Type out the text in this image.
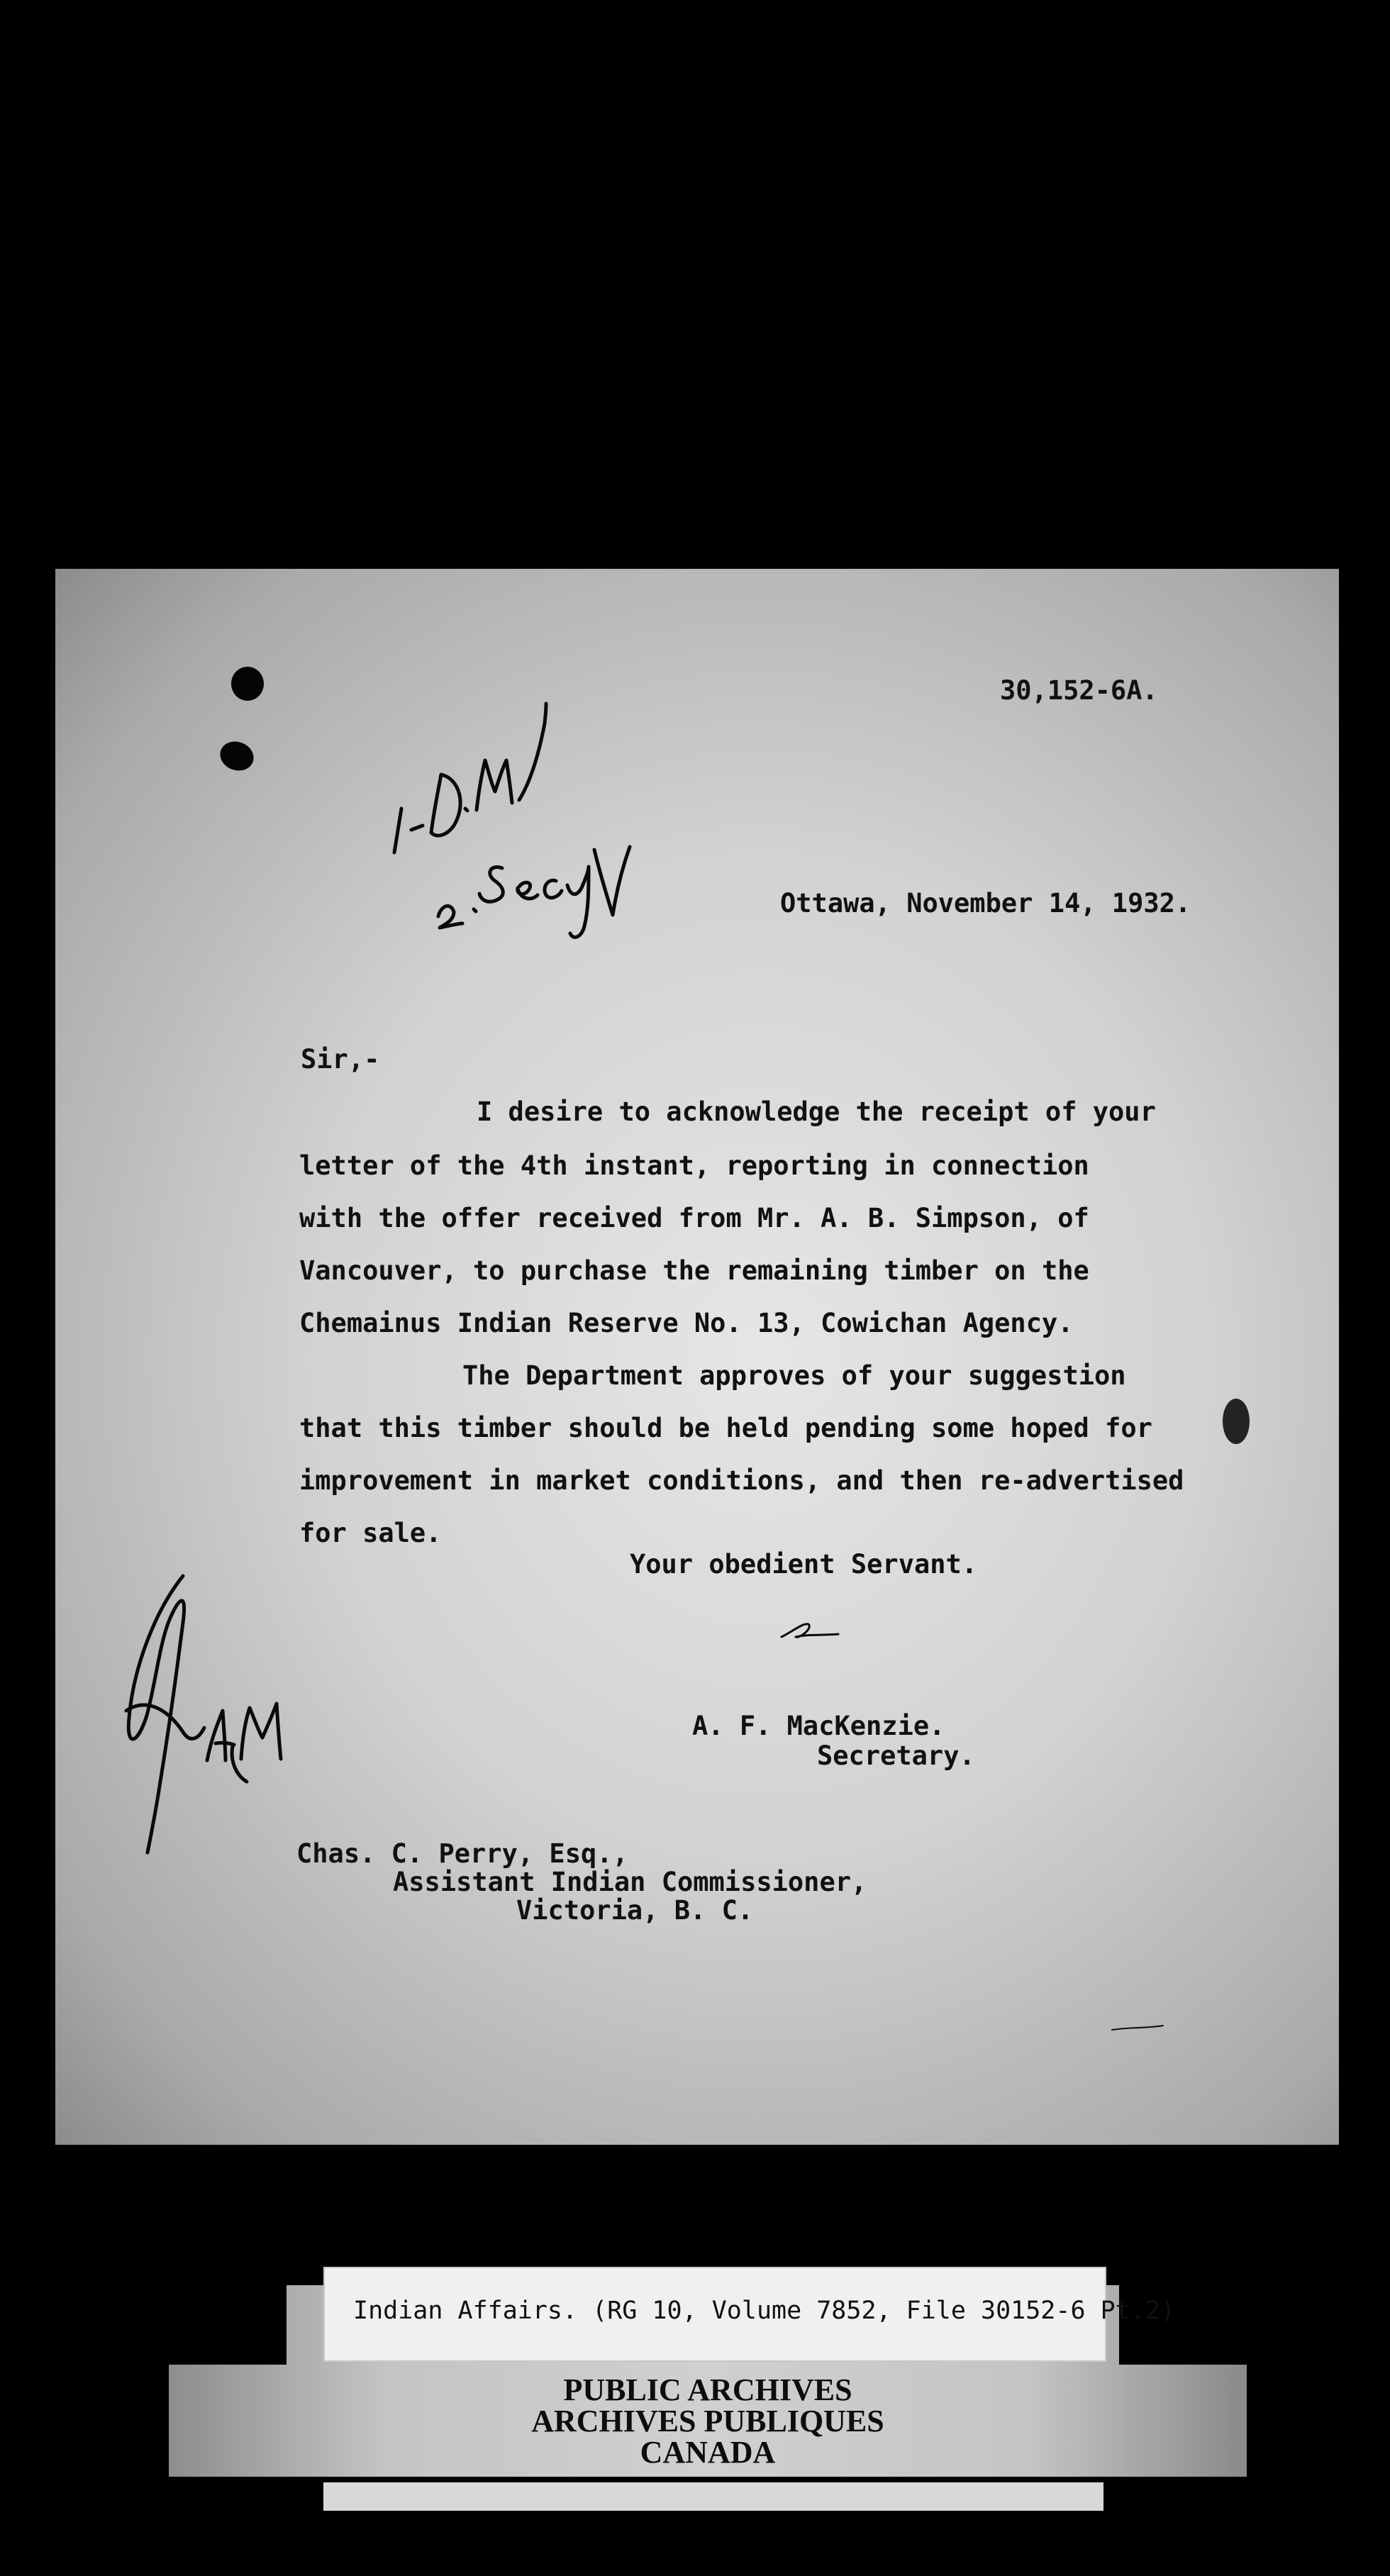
30,152-6A.
Ottawa, November 14, 1932.
Sir,-
I desire to acknowledge the receipt of your
letter of the 4th instant, reporting in connection
with the offer received from Mr. A. B. Simpson, of
Vancouver, to purchase the remaining timber on the
Chemainus Indian Reserve No. 13, Cowichan Agency.
The Department approves of your suggestion
that this timber should be held pending some hoped for
improvement in market conditions, and then re-advertised
for sale.
Your obedient Servant.
A. F. MacKenzie.
Secretary.
Chas. C. Perry, Esq.,
Assistant Indian Commissioner,
Victoria, B. C.
PUBLIC ARCHIVES
ARCHIVES PUBLIQUES
CANADA
Indian Affairs. (RG 10, Volume 7852, File 30152-6 Pt.2)
